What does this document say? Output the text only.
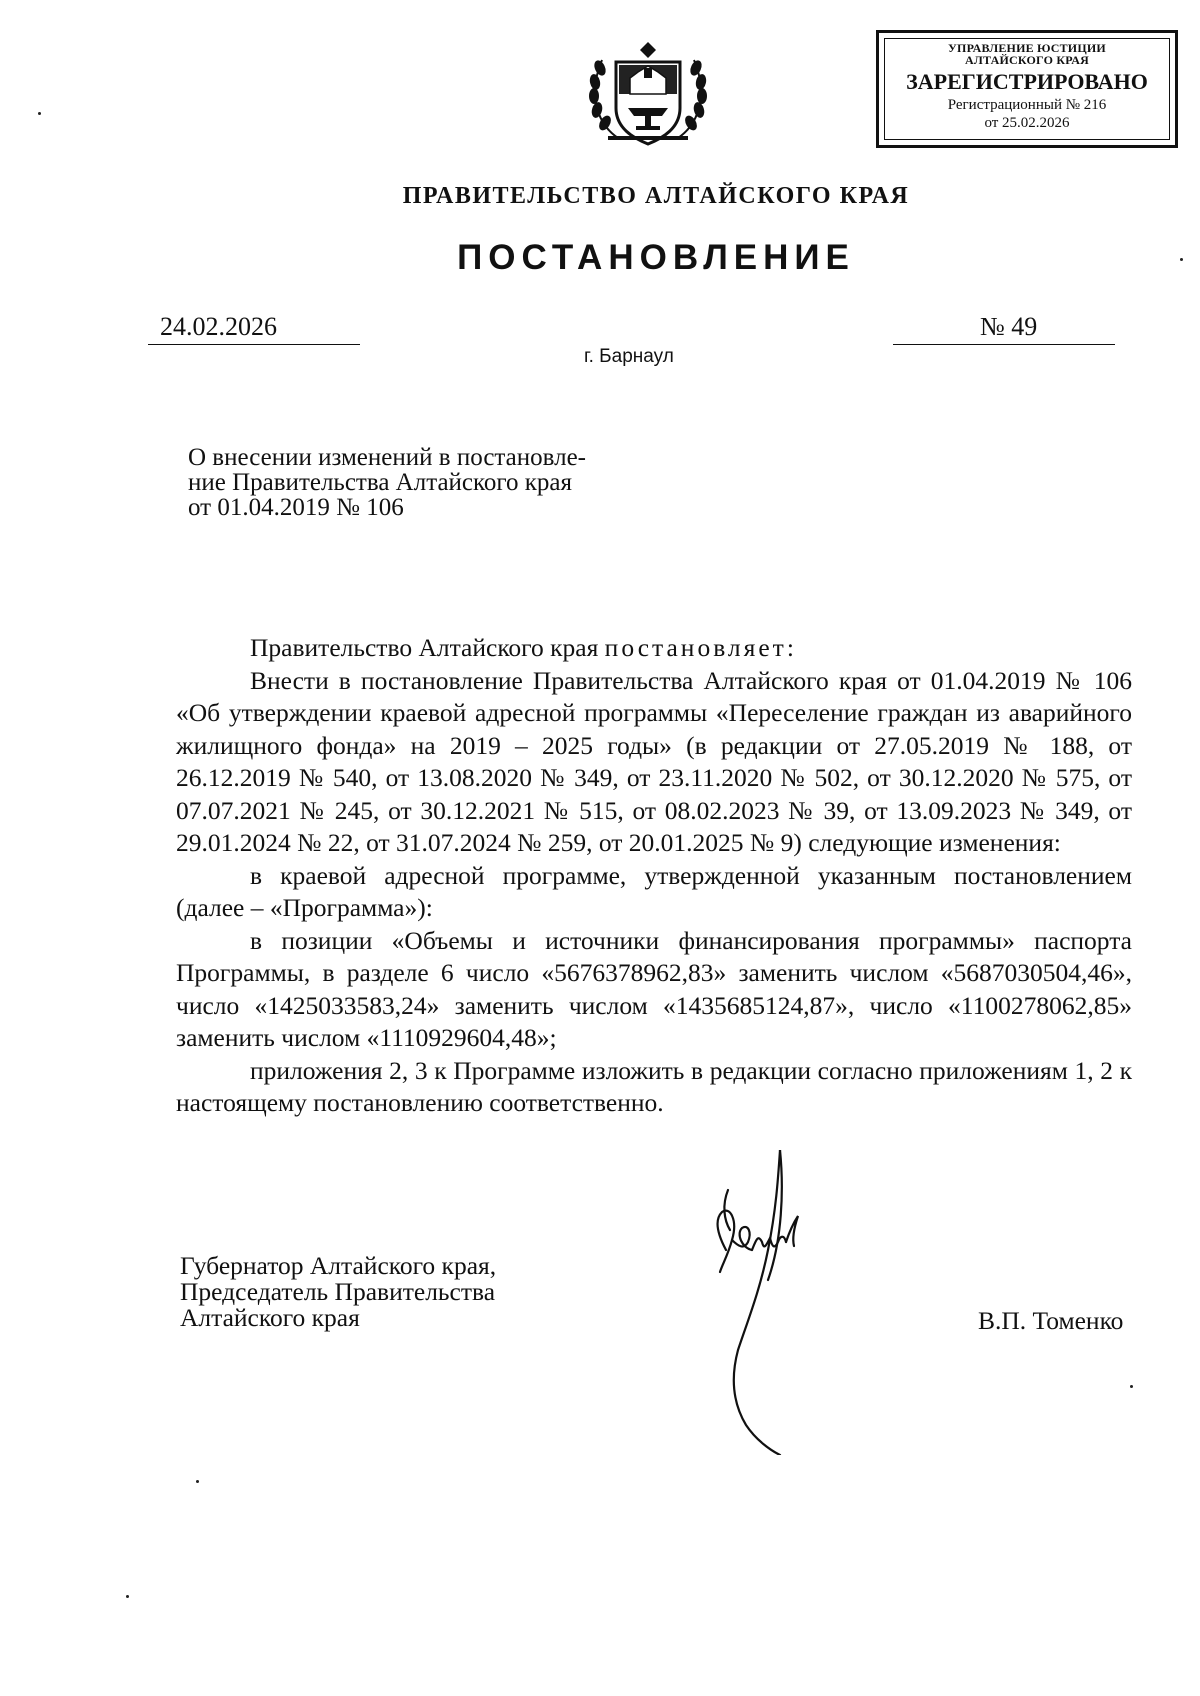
УПРАВЛЕНИЕ ЮСТИЦИИ
АЛТАЙСКОГО КРАЯ
ЗАРЕГИСТРИРОВАНО
Регистрационный № 216
от 25.02.2026
ПРАВИТЕЛЬСТВО АЛТАЙСКОГО КРАЯ
ПОСТАНОВЛЕНИЕ
24.02.2026	№ 49
г. Барнаул
О внесении изменений в постановле-
ние Правительства Алтайского края
от 01.04.2019 № 106

Правительство Алтайского края постановляет:

Внести в постановление Правительства Алтайского края от 01.04.2019 № 106 «Об утверждении краевой адресной программы «Переселение граждан из аварийного жилищного фонда» на 2019 – 2025 годы» (в редакции от 27.05.2019 № 188, от 26.12.2019 № 540, от 13.08.2020 № 349, от 23.11.2020 № 502, от 30.12.2020 № 575, от 07.07.2021 № 245, от 30.12.2021 № 515, от 08.02.2023 № 39, от 13.09.2023 № 349, от 29.01.2024 № 22, от 31.07.2024 № 259, от 20.01.2025 № 9) следующие изменения:

в краевой адресной программе, утвержденной указанным постановлением (далее – «Программа»):

в позиции «Объемы и источники финансирования программы» паспорта Программы, в разделе 6 число «5676378962,83» заменить числом «5687030504,46», число «1425033583,24» заменить числом «1435685124,87», число «1100278062,85» заменить числом «1110929604,48»;

приложения 2, 3 к Программе изложить в редакции согласно приложениям 1, 2 к настоящему постановлению соответственно.

Губернатор Алтайского края,
Председатель Правительства
Алтайского края	В.П. Томенко
